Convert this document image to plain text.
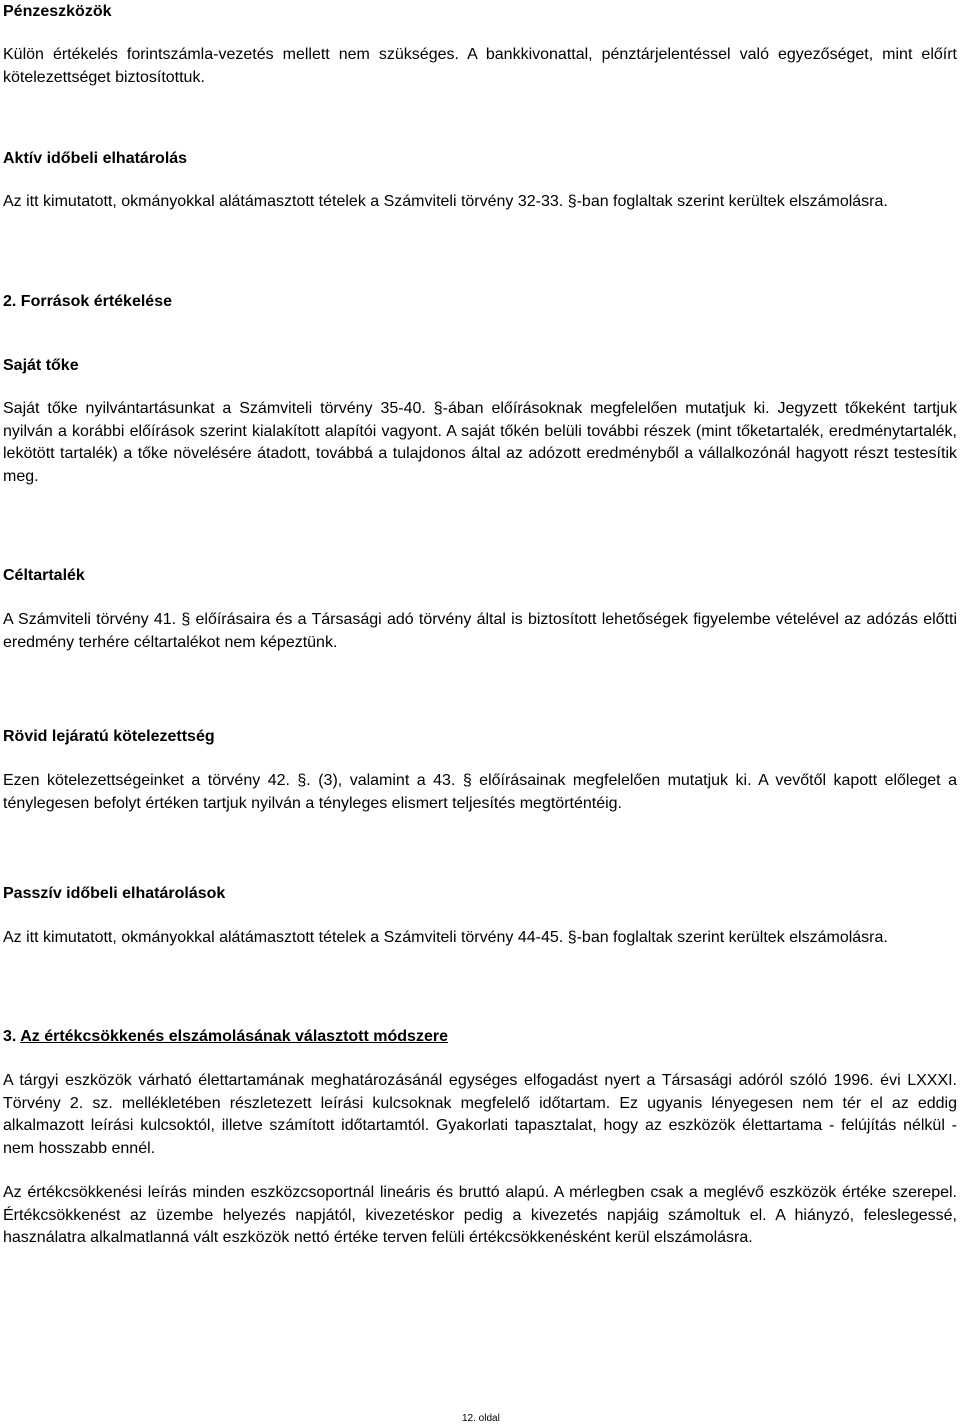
Pénzeszközök

Külön értékelés forintszámla-vezetés mellett nem szükséges. A bankkivonattal, pénztárjelentéssel való egyezőséget, mint előírt kötelezettséget biztosítottuk.

Aktív időbeli elhatárolás

Az itt kimutatott, okmányokkal alátámasztott tételek a Számviteli törvény 32-33. §-ban foglaltak szerint kerültek elszámolásra.

2. Források értékelése
Saját tőke

Saját tőke nyilvántartásunkat a Számviteli törvény 35-40. §-ában előírásoknak megfelelően mutatjuk ki. Jegyzett tőkeként tartjuk nyilván a korábbi előírások szerint kialakított alapítói vagyont. A saját tőkén belüli további részek (mint tőketartalék, eredménytartalék, lekötött tartalék) a tőke növelésére átadott, továbbá a tulajdonos által az adózott eredményből a vállalkozónál hagyott részt testesítik meg.

Céltartalék

A Számviteli törvény 41. § előírásaira és a Társasági adó törvény által is biztosított lehetőségek figyelembe vételével az adózás előtti eredmény terhére céltartalékot nem képeztünk.

Rövid lejáratú kötelezettség

Ezen kötelezettségeinket a törvény 42. §. (3), valamint a 43. § előírásainak megfelelően mutatjuk ki. A vevőtől kapott előleget a ténylegesen befolyt értéken tartjuk nyilván a tényleges elismert teljesítés megtörténtéig.

Passzív időbeli elhatárolások

Az itt kimutatott, okmányokkal alátámasztott tételek a Számviteli törvény 44-45. §-ban foglaltak szerint kerültek elszámolásra.

3. Az értékcsökkenés elszámolásának választott módszere

A tárgyi eszközök várható élettartamának meghatározásánál egységes elfogadást nyert a Társasági adóról szóló 1996. évi LXXXI. Törvény 2. sz. mellékletében részletezett leírási kulcsoknak megfelelő időtartam. Ez ugyanis lényegesen nem tér el az eddig alkalmazott leírási kulcsoktól, illetve számított időtartamtól. Gyakorlati tapasztalat, hogy az eszközök élettartama - felújítás nélkül - nem hosszabb ennél.

Az értékcsökkenési leírás minden eszközcsoportnál lineáris és bruttó alapú. A mérlegben csak a meglévő eszközök értéke szerepel. Értékcsökkenést az üzembe helyezés napjától, kivezetéskor pedig a kivezetés napjáig számoltuk el. A hiányzó, feleslegessé, használatra alkalmatlanná vált eszközök nettó értéke terven felüli értékcsökkenésként kerül elszámolásra.

12. oldal
